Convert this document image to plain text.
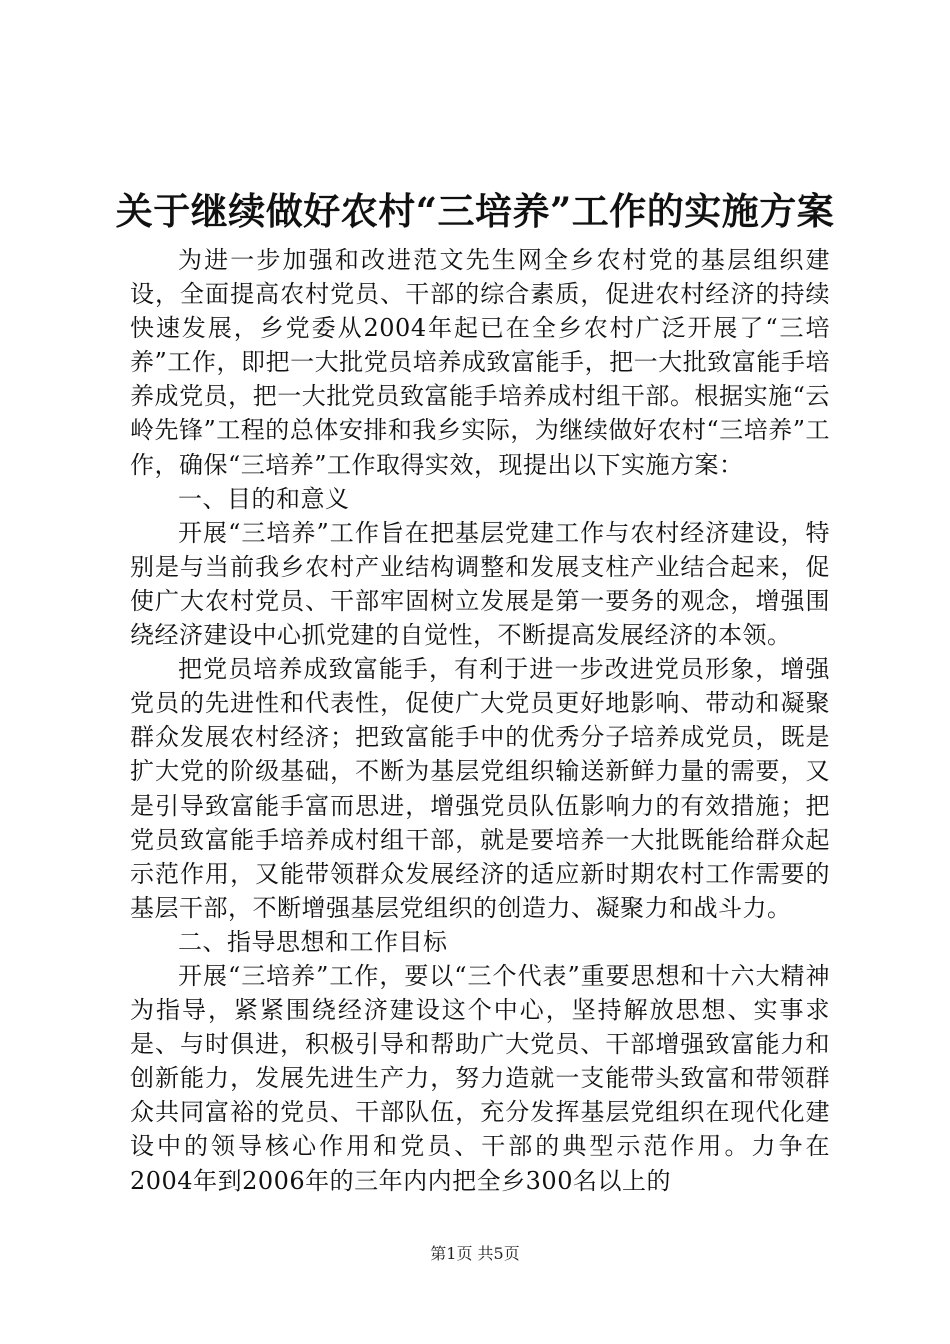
关于继续做好农村“三培养”工作的实施方案

为进一步加强和改进范文先生网全乡农村党的基层组织建设，全面提高农村党员、干部的综合素质，促进农村经济的持续快速发展，乡党委从2004年起已在全乡农村广泛开展了“三培养”工作，即把一大批党员培养成致富能手，把一大批致富能手培养成党员，把一大批党员致富能手培养成村组干部。根据实施“云岭先锋”工程的总体安排和我乡实际，为继续做好农村“三培养”工作，确保“三培养”工作取得实效，现提出以下实施方案：

一、目的和意义

开展“三培养”工作旨在把基层党建工作与农村经济建设，特别是与当前我乡农村产业结构调整和发展支柱产业结合起来，促使广大农村党员、干部牢固树立发展是第一要务的观念，增强围绕经济建设中心抓党建的自觉性，不断提高发展经济的本领。

把党员培养成致富能手，有利于进一步改进党员形象，增强党员的先进性和代表性，促使广大党员更好地影响、带动和凝聚群众发展农村经济；把致富能手中的优秀分子培养成党员，既是扩大党的阶级基础，不断为基层党组织输送新鲜力量的需要，又是引导致富能手富而思进，增强党员队伍影响力的有效措施；把党员致富能手培养成村组干部，就是要培养一大批既能给群众起示范作用，又能带领群众发展经济的适应新时期农村工作需要的基层干部，不断增强基层党组织的创造力、凝聚力和战斗力。

二、指导思想和工作目标

开展“三培养”工作，要以“三个代表”重要思想和十六大精神为指导，紧紧围绕经济建设这个中心，坚持解放思想、实事求是、与时俱进，积极引导和帮助广大党员、干部增强致富能力和创新能力，发展先进生产力，努力造就一支能带头致富和带领群众共同富裕的党员、干部队伍，充分发挥基层党组织在现代化建设中的领导核心作用和党员、干部的典型示范作用。力争在2004年到2006年的三年内内把全乡300名以上的

第1页 共5页
